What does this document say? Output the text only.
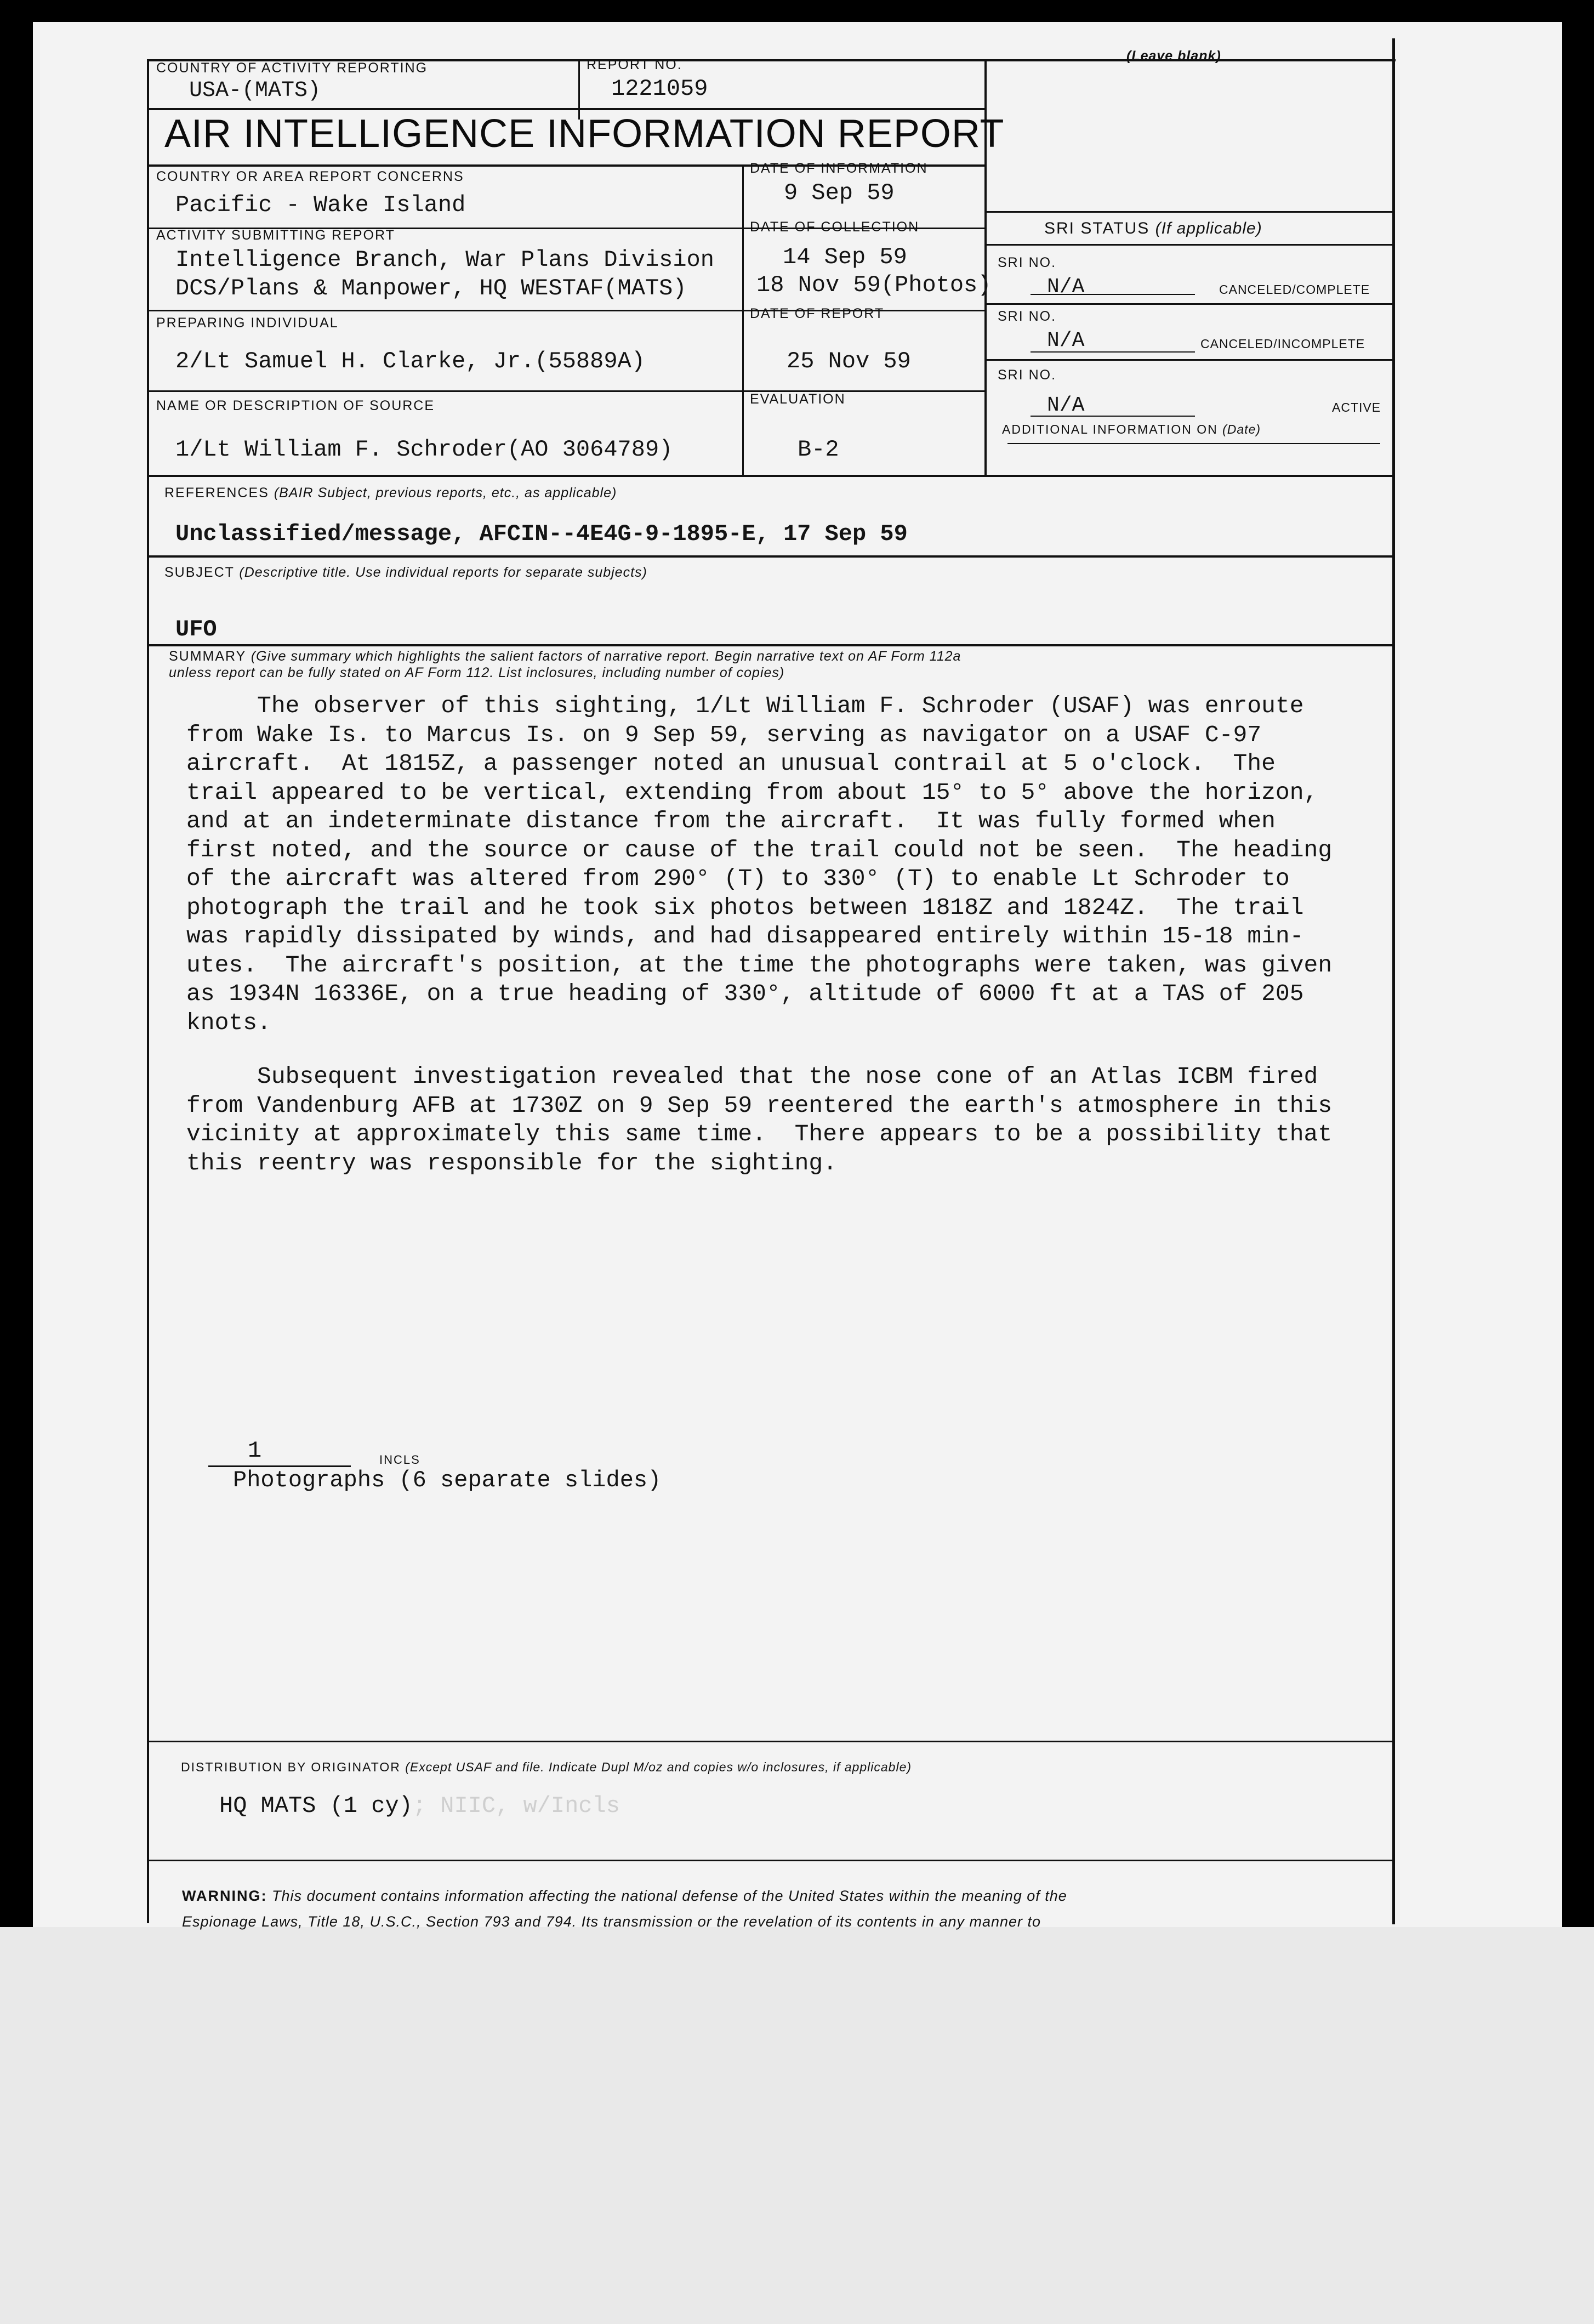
COUNTRY OF ACTIVITY REPORTING
USA-(MATS)
REPORT NO.
1221059
(Leave blank)
AIR INTELLIGENCE INFORMATION REPORT
COUNTRY OR AREA REPORT CONCERNS
Pacific - Wake Island
DATE OF INFORMATION
9 Sep 59
ACTIVITY SUBMITTING REPORT
Intelligence Branch, War Plans Division
DCS/Plans & Manpower, HQ WESTAF(MATS)
DATE OF COLLECTION
14 Sep 59
18 Nov 59(Photos)
SRI STATUS (If applicable)
SRI NO.
N/A	CANCELED/COMPLETE
SRI NO.
N/A	CANCELED/INCOMPLETE
SRI NO.
N/A	ACTIVE
ADDITIONAL INFORMATION ON (Date)
PREPARING INDIVIDUAL
2/Lt Samuel H. Clarke, Jr.(55889A)
DATE OF REPORT
25 Nov 59
NAME OR DESCRIPTION OF SOURCE
1/Lt William F. Schroder(AO 3064789)
EVALUATION
B-2
REFERENCES (BAIR Subject, previous reports, etc., as applicable)
Unclassified/message, AFCIN--4E4G-9-1895-E, 17 Sep 59
SUBJECT (Descriptive title. Use individual reports for separate subjects)
UFO
SUMMARY (Give summary which highlights the salient factors of narrative report. Begin narrative text on AF Form 112a
unless report can be fully stated on AF Form 112. List inclosures, including number of copies)
The observer of this sighting, 1/Lt William F. Schroder (USAF) was enroute
from Wake Is. to Marcus Is. on 9 Sep 59, serving as navigator on a USAF C-97
aircraft.  At 1815Z, a passenger noted an unusual contrail at 5 o'clock.  The
trail appeared to be vertical, extending from about 15° to 5° above the horizon,
and at an indeterminate distance from the aircraft.  It was fully formed when
first noted, and the source or cause of the trail could not be seen.  The heading
of the aircraft was altered from 290° (T) to 330° (T) to enable Lt Schroder to
photograph the trail and he took six photos between 1818Z and 1824Z.  The trail
was rapidly dissipated by winds, and had disappeared entirely within 15-18 min-
utes.  The aircraft's position, at the time the photographs were taken, was given
as 1934N 16336E, on a true heading of 330°, altitude of 6000 ft at a TAS of 205
knots.
Subsequent investigation revealed that the nose cone of an Atlas ICBM fired
from Vandenburg AFB at 1730Z on 9 Sep 59 reentered the earth's atmosphere in this
vicinity at approximately this same time.  There appears to be a possibility that
this reentry was responsible for the sighting.
1	INCLS
Photographs (6 separate slides)
DISTRIBUTION BY ORIGINATOR (Except USAF and file. Indicate Dupl M/oz and copies w/o inclosures, if applicable)
HQ MATS (1 cy); NIIC, w/Incls
WARNING: This document contains information affecting the national defense of the United States within the meaning of the
Espionage Laws, Title 18, U.S.C., Section 793 and 794. Its transmission or the revelation of its contents in any manner to
